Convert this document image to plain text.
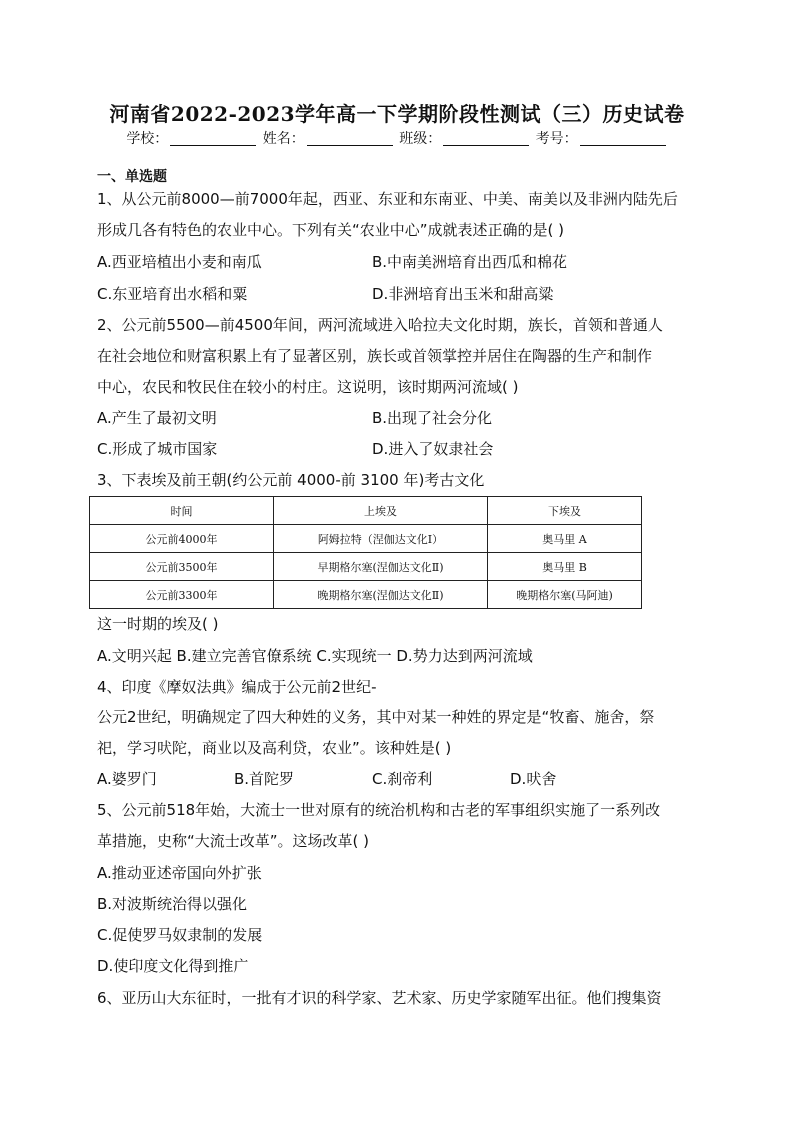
河南省2022-2023学年高一下学期阶段性测试（三）历史试卷
学校：	姓名：	班级：	考号：
一、单选题
1、从公元前8000—前7000年起，西亚、东亚和东南亚、中美、南美以及非洲内陆先后
形成几各有特色的农业中心。下列有关“农业中心”成就表述正确的是( )
A.西亚培植出小麦和南瓜	B.中南美洲培育出西瓜和棉花
C.东亚培育出水稻和粟	D.非洲培育出玉米和甜高粱
2、公元前5500—前4500年间，两河流域进入哈拉夫文化时期，族长，首领和普通人
在社会地位和财富积累上有了显著区别，族长或首领掌控并居住在陶器的生产和制作
中心，农民和牧民住在较小的村庄。这说明，该时期两河流域( )
A.产生了最初文明	B.出现了社会分化
C.形成了城市国家	D.进入了奴隶社会
3、下表埃及前王朝(约公元前 4000-前 3100 年)考古文化
时间	上埃及	下埃及
公元前4000年	阿姆拉特（涅伽达文化Ⅰ）	奥马里 A
公元前3500年	早期格尔塞(涅伽达文化Ⅱ)	奥马里 B
公元前3300年	晚期格尔塞(涅伽达文化Ⅱ)	晚期格尔塞(马阿迪)
这一时期的埃及( )
A.文明兴起 B.建立完善官僚系统 C.实现统一 D.势力达到两河流域
4、印度《摩奴法典》编成于公元前2世纪-
公元2世纪，明确规定了四大种姓的义务，其中对某一种姓的界定是“牧畜、施舍，祭
祀，学习吠陀，商业以及高利贷，农业”。该种姓是( )
A.婆罗门	B.首陀罗	C.刹帝利	D.吠舍
5、公元前518年始，大流士一世对原有的统治机构和古老的军事组织实施了一系列改
革措施，史称“大流士改革”。这场改革( )
A.推动亚述帝国向外扩张
B.对波斯统治得以强化
C.促使罗马奴隶制的发展
D.使印度文化得到推广
6、亚历山大东征时，一批有才识的科学家、艺术家、历史学家随军出征。他们搜集资
